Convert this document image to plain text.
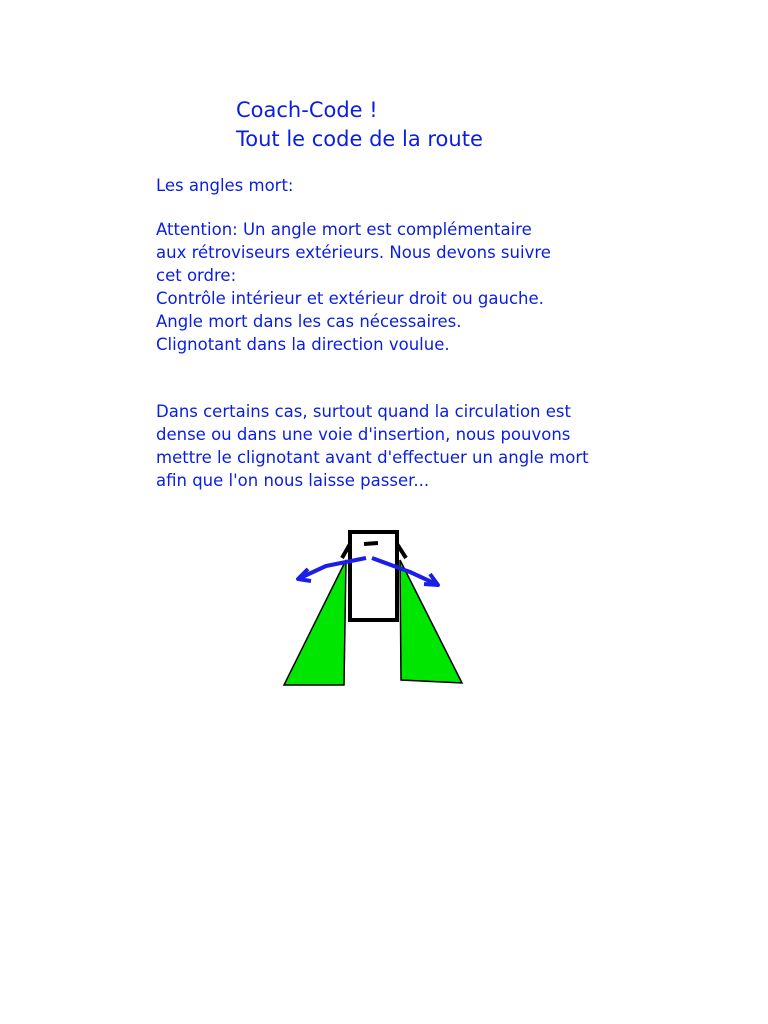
Coach-Code !
Tout le code de la route
Les angles mort:
Attention: Un angle mort est complémentaire
aux rétroviseurs extérieurs. Nous devons suivre
cet ordre:
Contrôle intérieur et extérieur droit ou gauche.
Angle mort dans les cas nécessaires.
Clignotant dans la direction voulue.
Dans certains cas, surtout quand la circulation est
dense ou dans une voie d'insertion, nous pouvons
mettre le clignotant avant d'effectuer un angle mort
afin que l'on nous laisse passer...
